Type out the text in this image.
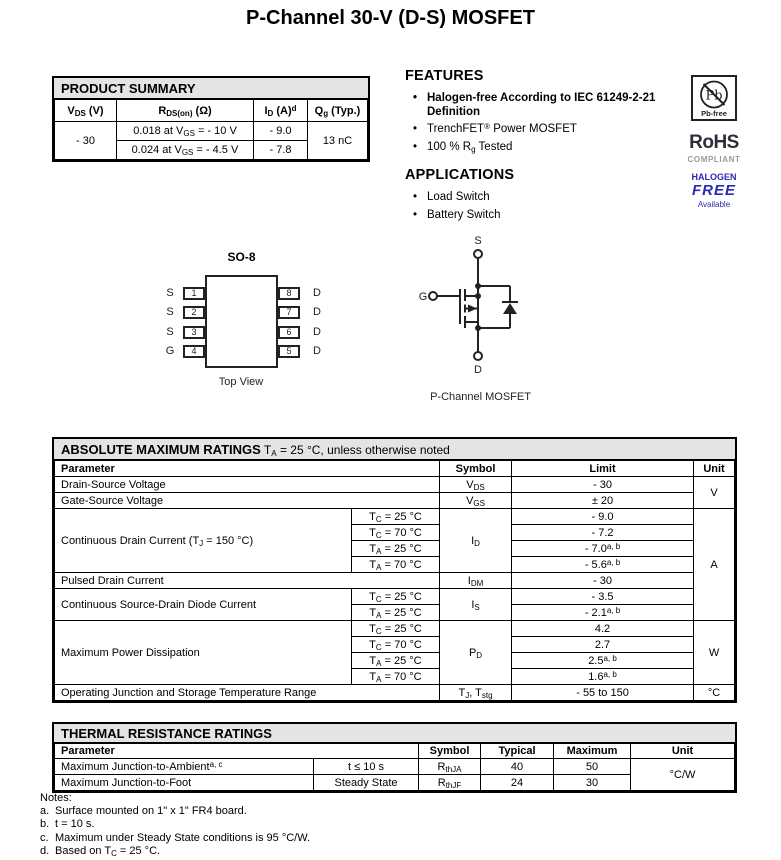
P-Channel 30-V (D-S) MOSFET
PRODUCT SUMMARY
$V_{DS}$ (V)	$R_{DS(on)}$ (Ω)	$I_D$ $(A)^d$	$Q_g$ (Typ.)
- 30	0.018 at $V_{GS}$ = - 10 V	- 9.0	13 nC
	0.024 at $V_{GS}$ = - 4.5 V	- 7.8	
FEATURES
• Halogen-free According to IEC 61249-2-21 Definition
• TrenchFET® Power MOSFET
• 100 % $R_g$ Tested
APPLICATIONS
• Load Switch
• Battery Switch
Pb
Pb-free
RoHS
COMPLIANT
HALOGEN
FREE
Available
SO-8
S
S
S
G
1
2
3
4
8
7
6
5
D
D
D
D
Top View
S
G
D
P-Channel MOSFET
ABSOLUTE MAXIMUM RATINGS $T_A = 25$ °C, unless otherwise noted
Parameter		Symbol	Limit	Unit
Drain-Source Voltage		$V_{DS}$	- 30	V
Gate-Source Voltage		$V_{GS}$	± 20	
Continuous Drain Current ($T_J = 150$ °C)	$T_C = 25$ °C	$I_D$	- 9.0	A
	$T_C = 70$ °C		- 7.2	
	$T_A = 25$ °C		- 7.0$^{a, b}$
	$T_A = 70$ °C		- 5.6$^{a, b}$
Pulsed Drain Current		$I_{DM}$	- 30	
Continuous Source-Drain Diode Current	$T_C = 25$ °C	$I_S$	- 3.5	
	$T_A = 25$ °C		- 2.1$^{a, b}$
Maximum Power Dissipation	$T_C = 25$ °C	$P_D$	4.2	W
	$T_C = 70$ °C		2.7	
	$T_A = 25$ °C		2.5$^{a, b}$
	$T_A = 70$ °C		1.6$^{a, b}$
Operating Junction and Storage Temperature Range		$T_J$, $T_{stg}$	- 55 to 150	°C
THERMAL RESISTANCE RATINGS
Parameter		Symbol	Typical	Maximum	Unit
Maximum Junction-to-Ambient$^{a, c}$	t ≤ 10 s	$R_{thJA}$	40	50	°C/W
Maximum Junction-to-Foot	Steady State	$R_{thJF}$	24	30	
Notes:
a. Surface mounted on 1" x 1" FR4 board.
b. t = 10 s.
c. Maximum under Steady State conditions is 95 °C/W.
d. Based on $T_C = 25$ °C.
